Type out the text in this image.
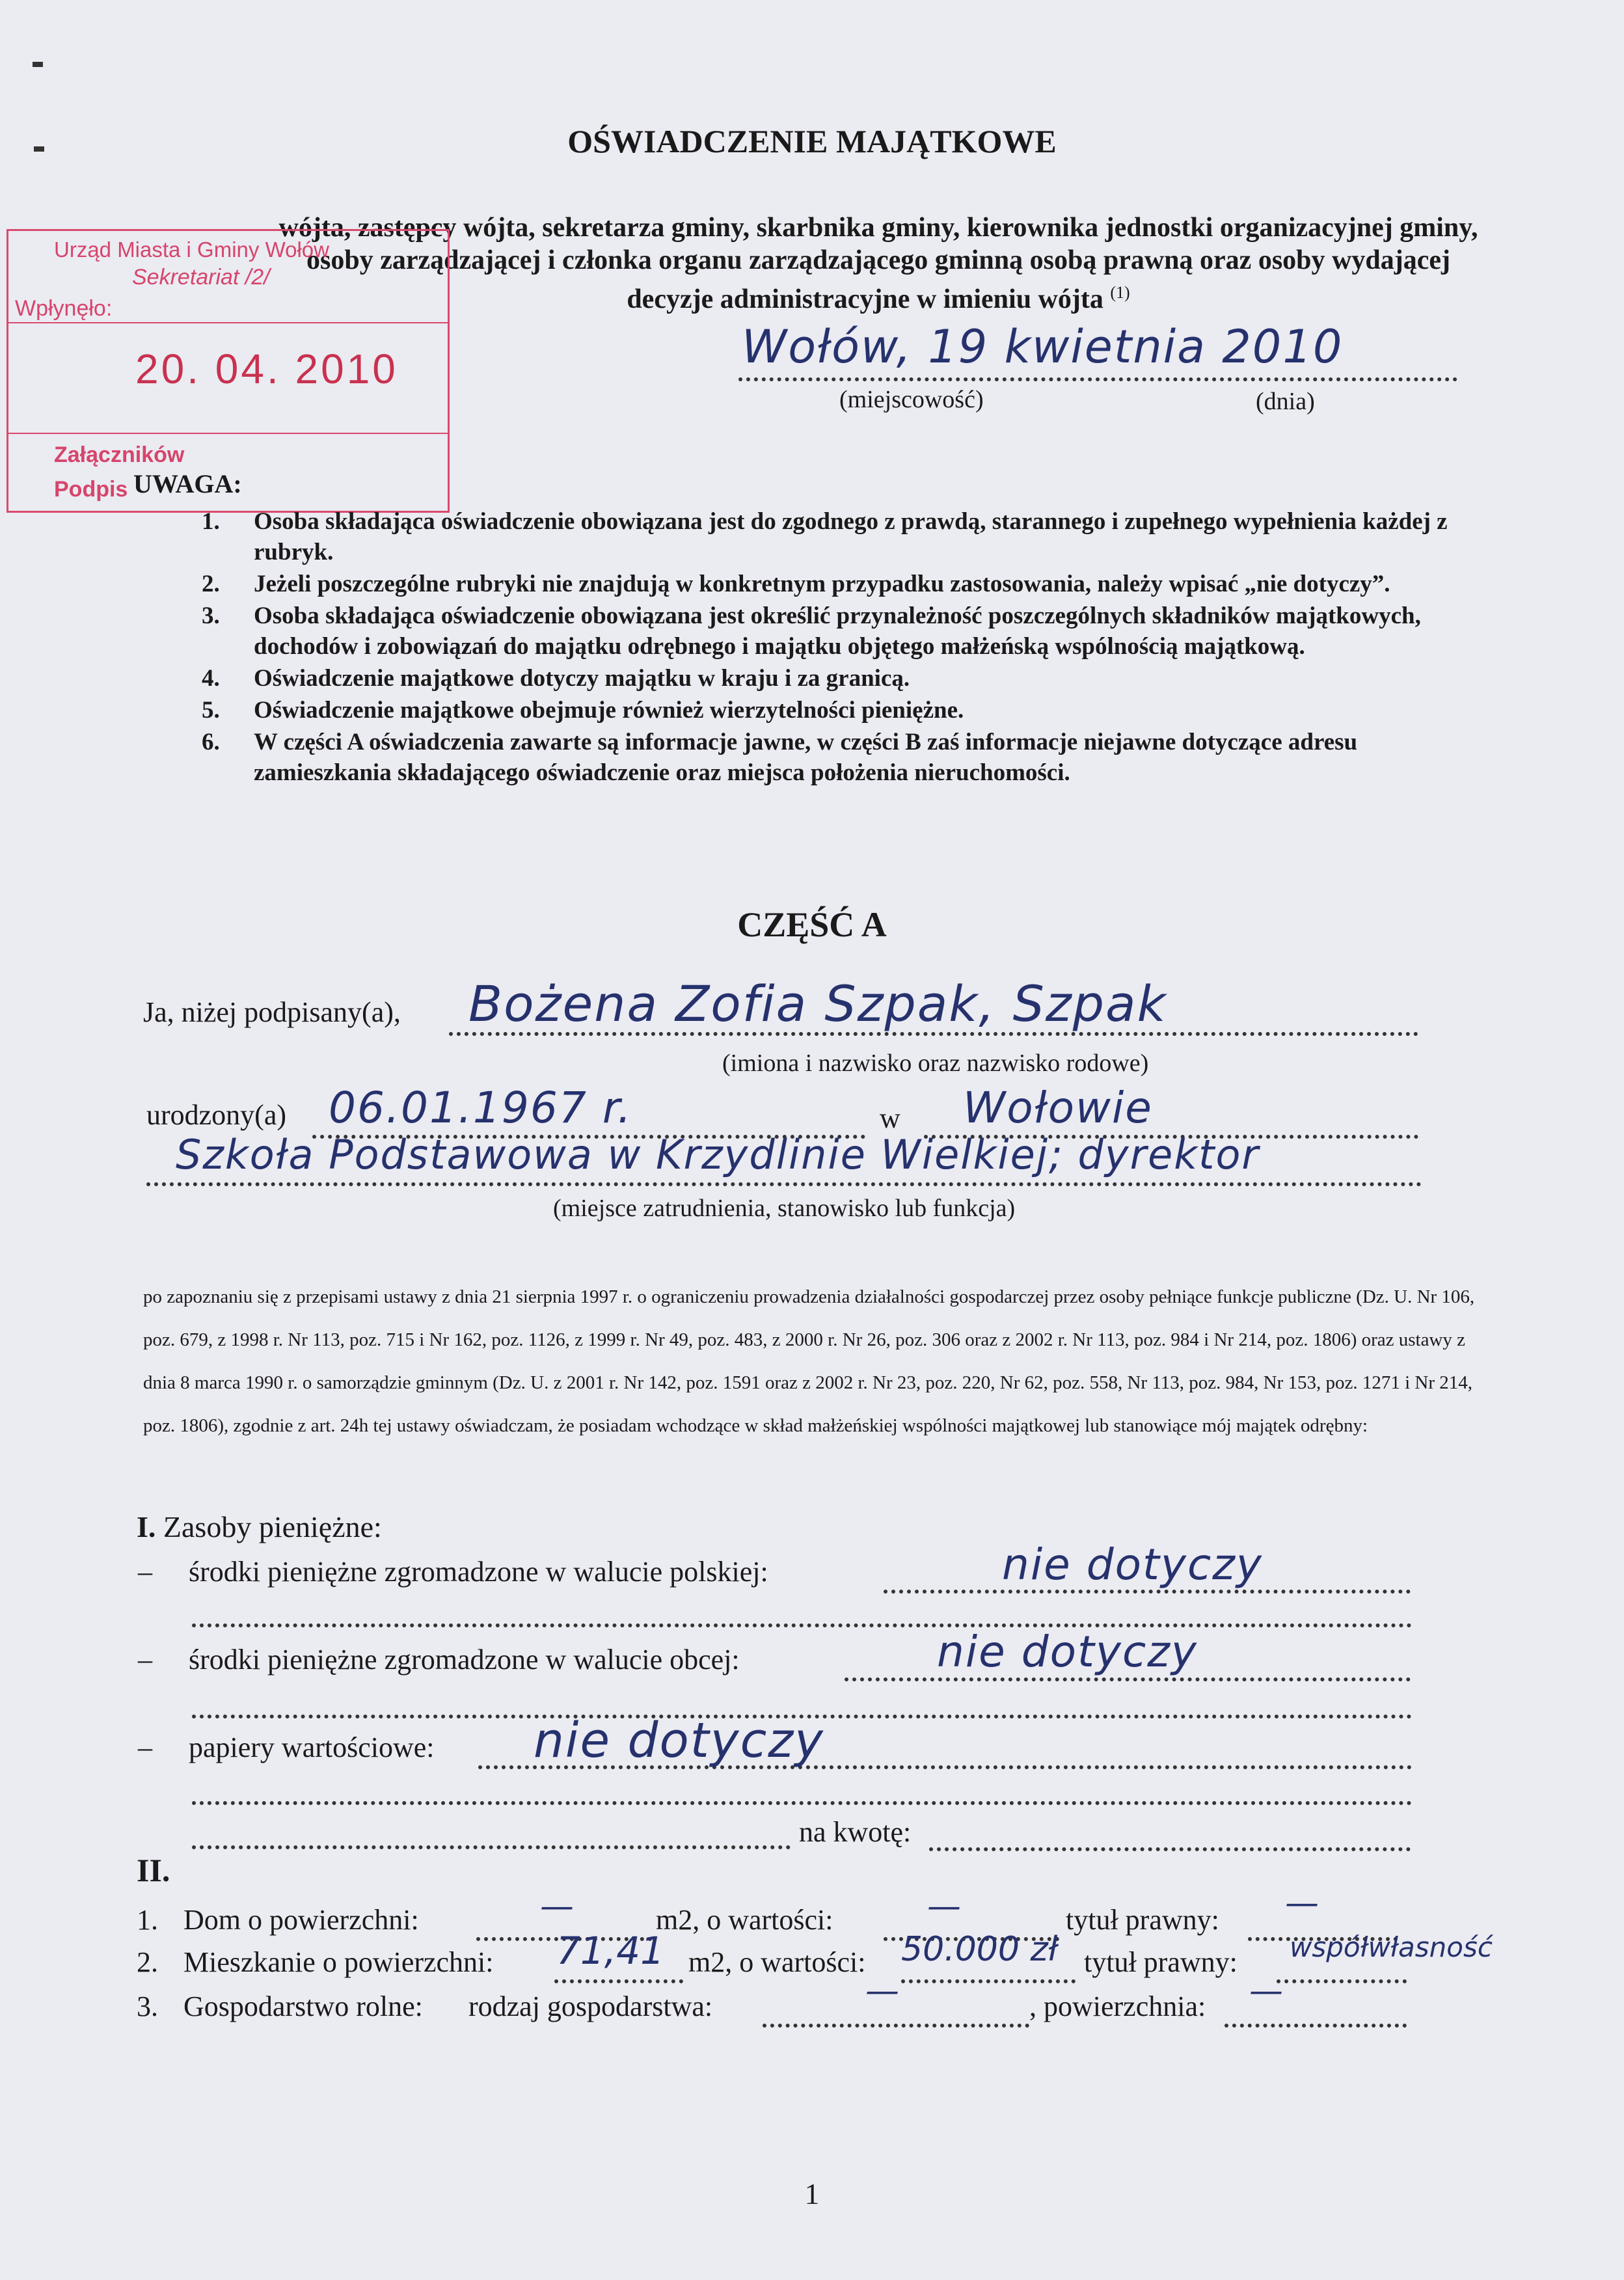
OŚWIADCZENIE MAJĄTKOWE
wójta, zastępcy wójta, sekretarza gminy, skarbnika gminy, kierownika jednostki organizacyjnej gminy, osoby zarządzającej i członka organu zarządzającego gminną osobą prawną oraz osoby wydającej decyzje administracyjne w imieniu wójta $^{(1)}$
Urząd Miasta i Gminy Wołów
Sekretariat /2/
Wpłynęło:
20. 04. 2010
Załączników
Podpis
Wołów, 19 kwietnia 2010
(miejscowość)	(dnia)
UWAGA:
1. Osoba składająca oświadczenie obowiązana jest do zgodnego z prawdą, starannego i zupełnego wypełnienia każdej z rubryk.
2. Jeżeli poszczególne rubryki nie znajdują w konkretnym przypadku zastosowania, należy wpisać „nie dotyczy”.
3. Osoba składająca oświadczenie obowiązana jest określić przynależność poszczególnych składników majątkowych, dochodów i zobowiązań do majątku odrębnego i majątku objętego małżeńską wspólnością majątkową.
4. Oświadczenie majątkowe dotyczy majątku w kraju i za granicą.
5. Oświadczenie majątkowe obejmuje również wierzytelności pieniężne.
6. W części A oświadczenia zawarte są informacje jawne, w części B zaś informacje niejawne dotyczące adresu zamieszkania składającego oświadczenie oraz miejsca położenia nieruchomości.
CZĘŚĆ A
Ja, niżej podpisany(a), Bożena Zofia Szpak, Szpak
(imiona i nazwisko oraz nazwisko rodowe)
urodzony(a) 06.01.1967 r.	w Wołowie
Szkoła Podstawowa w Krzydlinie Wielkiej; dyrektor
(miejsce zatrudnienia, stanowisko lub funkcja)
po zapoznaniu się z przepisami ustawy z dnia 21 sierpnia 1997 r. o ograniczeniu prowadzenia działalności gospodarczej przez osoby pełniące funkcje publiczne (Dz. U. Nr 106, poz. 679, z 1998 r. Nr 113, poz. 715 i Nr 162, poz. 1126, z 1999 r. Nr 49, poz. 483, z 2000 r. Nr 26, poz. 306 oraz z 2002 r. Nr 113, poz. 984 i Nr 214, poz. 1806) oraz ustawy z dnia 8 marca 1990 r. o samorządzie gminnym (Dz. U. z 2001 r. Nr 142, poz. 1591 oraz z 2002 r. Nr 23, poz. 220, Nr 62, poz. 558, Nr 113, poz. 984, Nr 153, poz. 1271 i Nr 214, poz. 1806), zgodnie z art. 24h tej ustawy oświadczam, że posiadam wchodzące w skład małżeńskiej wspólności majątkowej lub stanowiące mój majątek odrębny:
I. Zasoby pieniężne:
– środki pieniężne zgromadzone w walucie polskiej:	nie dotyczy
– środki pieniężne zgromadzone w walucie obcej:	nie dotyczy
– papiery wartościowe: nie dotyczy
na kwotę:
II.
1. Dom o powierzchni:	—	m2, o wartości:	—	tytuł prawny: —
2. Mieszkanie o powierzchni: 71,41 m2, o wartości: 50.000 zł tytuł prawny: współwłasność
3. Gospodarstwo rolne: rodzaj gospodarstwa:	—	, powierzchnia: —
1
